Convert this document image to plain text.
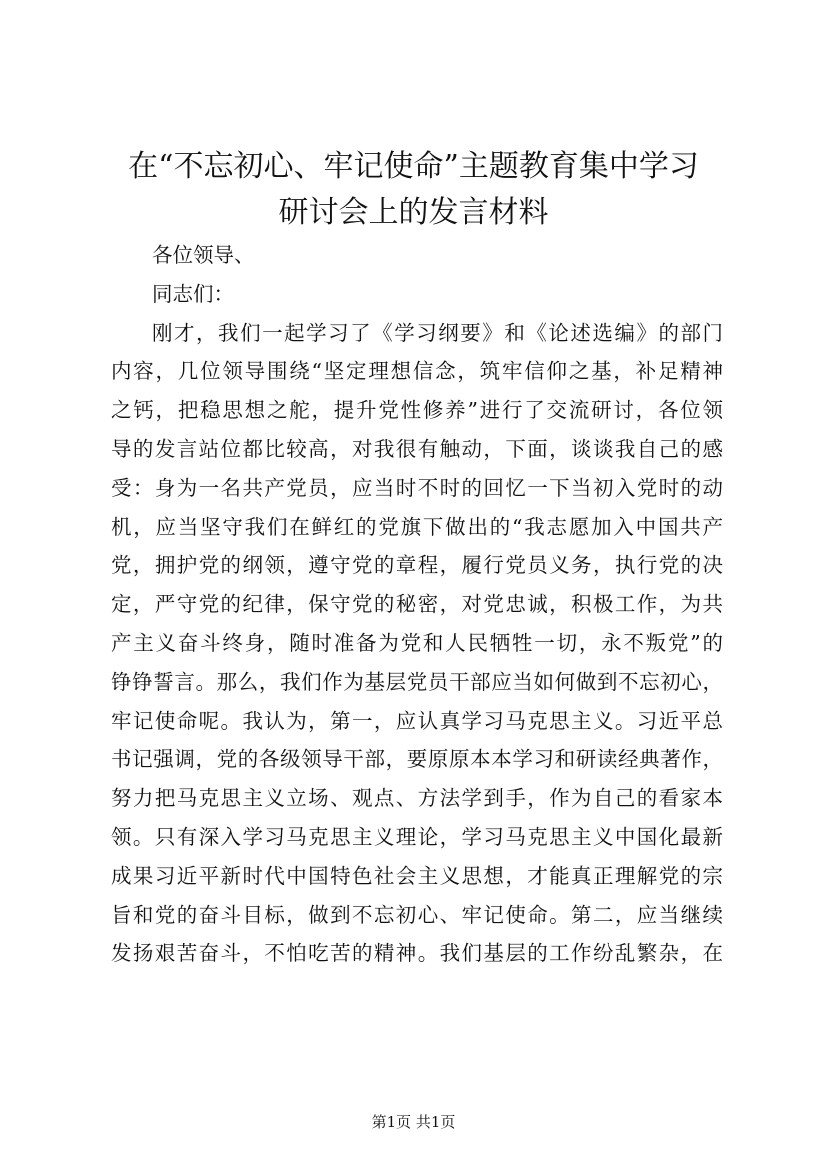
在“不忘初心、牢记使命”主题教育集中学习
研讨会上的发言材料
各位领导、
同志们：
刚才，我们一起学习了《学习纲要》和《论述选编》的部门
内容，几位领导围绕“坚定理想信念，筑牢信仰之基，补足精神
之钙，把稳思想之舵，提升党性修养”进行了交流研讨，各位领
导的发言站位都比较高，对我很有触动，下面，谈谈我自己的感
受：身为一名共产党员，应当时不时的回忆一下当初入党时的动
机，应当坚守我们在鲜红的党旗下做出的“我志愿加入中国共产
党，拥护党的纲领，遵守党的章程，履行党员义务，执行党的决
定，严守党的纪律，保守党的秘密，对党忠诚，积极工作，为共
产主义奋斗终身，随时准备为党和人民牺牲一切，永不叛党”的
铮铮誓言。那么，我们作为基层党员干部应当如何做到不忘初心，
牢记使命呢。我认为，第一，应认真学习马克思主义。习近平总
书记强调，党的各级领导干部，要原原本本学习和研读经典著作，
努力把马克思主义立场、观点、方法学到手，作为自己的看家本
领。只有深入学习马克思主义理论，学习马克思主义中国化最新
成果习近平新时代中国特色社会主义思想，才能真正理解党的宗
旨和党的奋斗目标，做到不忘初心、牢记使命。第二，应当继续
发扬艰苦奋斗，不怕吃苦的精神。我们基层的工作纷乱繁杂，在
第1页 共1页
